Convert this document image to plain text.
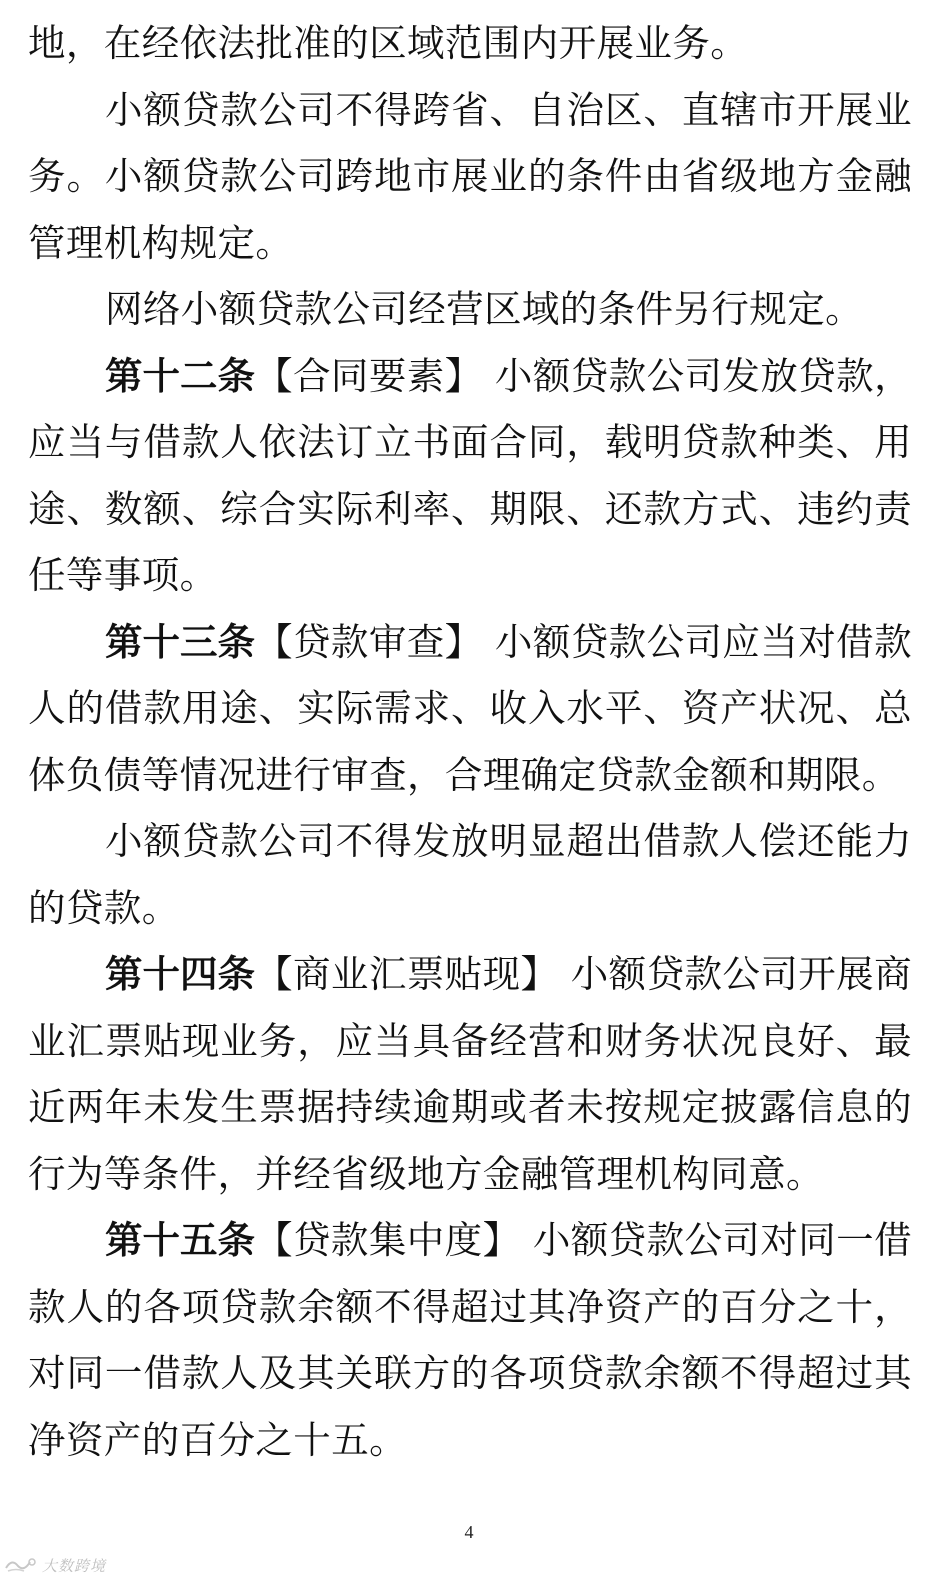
地，在经依法批准的区域范围内开展业务。

小额贷款公司不得跨省、自治区、直辖市开展业务。小额贷款公司跨地市展业的条件由省级地方金融管理机构规定。

网络小额贷款公司经营区域的条件另行规定。

第十二条【合同要素】 小额贷款公司发放贷款，应当与借款人依法订立书面合同，载明贷款种类、用途、数额、综合实际利率、期限、还款方式、违约责任等事项。

第十三条【贷款审查】 小额贷款公司应当对借款人的借款用途、实际需求、收入水平、资产状况、总体负债等情况进行审查，合理确定贷款金额和期限。

小额贷款公司不得发放明显超出借款人偿还能力的贷款。

第十四条【商业汇票贴现】 小额贷款公司开展商业汇票贴现业务，应当具备经营和财务状况良好、最近两年未发生票据持续逾期或者未按规定披露信息的行为等条件，并经省级地方金融管理机构同意。

第十五条【贷款集中度】 小额贷款公司对同一借款人的各项贷款余额不得超过其净资产的百分之十，对同一借款人及其关联方的各项贷款余额不得超过其净资产的百分之十五。

4
大数跨境
